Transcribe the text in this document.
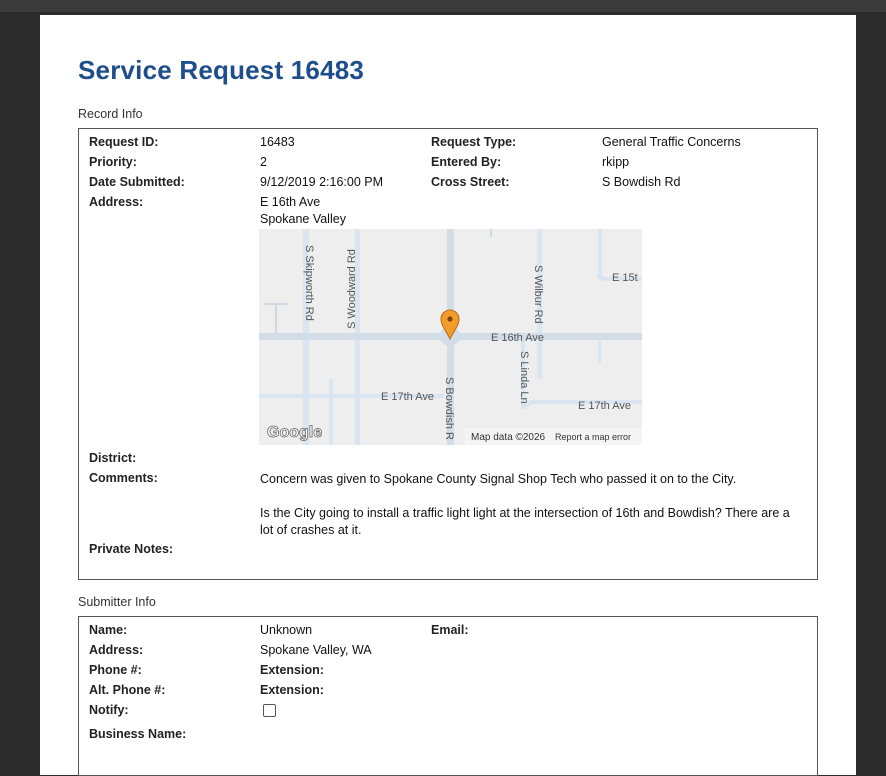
Service Request 16483
Record Info
Request ID:	16483	Request Type:	General Traffic Concerns
Priority:	2	Entered By:	rkipp
Date Submitted:	9/12/2019 2:16:00 PM	Cross Street:	S Bowdish Rd
Address:	E 16th Ave
Spokane Valley
S Skipworth Rd	S Woodward Rd	S Wilbur Rd	E 15t
E 16th Ave
S Linda Ln
E 17th Ave S Bowdish R	E 17th Ave
Google	Map data ©2026 Report a map error
District:
Comments:	Concern was given to Spokane County Signal Shop Tech who passed it on to the City.

Is the City going to install a traffic light light at the intersection of 16th and Bowdish? There are a lot of crashes at it.

Private Notes:
Submitter Info
Name:	Unknown	Email:
Address:	Spokane Valley, WA
Phone #:	Extension:
Alt. Phone #:	Extension:
Notify:
Business Name:
